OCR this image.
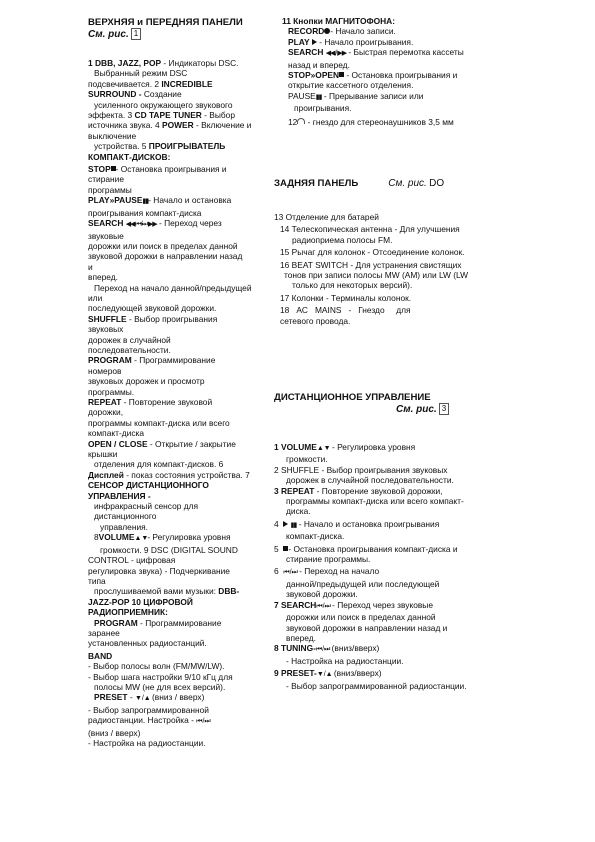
ВЕРХНЯЯ и ПЕРЕДНЯЯ ПАНЕЛИ
См. рис. 1
1 DBB, JAZZ, POP - Индикаторы DSC.
Выбранный режим DSC
подсвечивается. 2 INCREDIBLE
SURROUND - Создание
усиленного окружающего звукового
эффекта. 3 CD TAPE TUNER - Выбор
источника звука. 4 POWER - Включение и
выключение
устройства. 5 ПРОИГРЫВАТЕЛЬ
КОМПАКТ-ДИСКОВ:
STOP - Остановка проигрывания и
стирание
программы
PLAY»PAUSE▮▮- Начало и остановка
проигрывания компакт-диска
SEARCH ◀◀ ⏮/⏭ ▶▶ - Переход через
звуковые
дорожки или поиск в пределах данной
звуковой дорожки в направлении назад
и
вперед.
Переход на начало данной/предыдущей
или
последующей звуковой дорожки.
SHUFFLE - Выбор проигрывания
звуковых
дорожек в случайной
последовательности.
PROGRAM - Программирование
номеров
звуковых дорожек и просмотр
программы.
REPEAT - Повторение звуковой
дорожки,
программы компакт-диска или всего
компакт-диска
OPEN / CLOSE - Открытие / закрытие
крышки
отделения для компакт-дисков. 6
Дисплей - показ состояния устройства. 7
СЕНСОР ДИСТАНЦИОННОГО
УПРАВЛЕНИЯ -
инфракрасный сенсор для
дистанционного
управления.
8VOLUME▲ ▼- Регулировка уровня
громкости. 9 DSC (DIGITAL SOUND
CONTROL - цифровая
регулировка звука) - Подчеркивание
типа
прослушиваемой вами музыки: DBB-
JAZZ-POP 10 ЦИФРОВОЙ
РАДИОПРИЕМНИК:
PROGRAM - Программирование
заранее
установленных радиостанций.
BAND
- Выбор полосы волн (FM/MW/LW).
- Выбор шага настройки 9/10 кГц для
полосы MW (не для всех версий).
PRESET - ▼ / ▲ (вниз / вверх)
- Выбор запрограммированной
радиостанции. Настройка - ⏮ / ⏭
(вниз / вверх)
- Настройка на радиостанции.
11 Кнопки МАГНИТОФОНА:
RECORD - Начало записи.
PLAY - Начало проигрывания.
SEARCH ◀◀ / ▶▶ - Быстрая перемотка кассеты
назад и вперед.
STOP»OPEN - Остановка проигрывания и
открытие кассетного отделения.
PAUSE▮▮ - Прерывание записи или
проигрывания.
12 - гнездо для стереонаушников 3,5 мм
ЗАДНЯЯ ПАНЕЛЬ	См. рис. DO
13 Отделение для батарей
14 Телескопическая антенна - Для улучшения
радиоприема полосы FM.
15 Рычаг для колонок - Отсоединение колонок.
16 BEAT SWITCH - Для устранения свистящих
тонов при записи полосы MW (AM) или LW (LW
только для некоторых версий).
17 Колонки - Терминалы колонок.
18 AC MAINS - Гнездо для
сетевого провода.
ДИСТАНЦИОННОЕ УПРАВЛЕНИЕ
См. рис. 3
1 VOLUME▲ ▼ - Регулировка уровня
громкости.
2 SHUFFLE - Выбор проигрывания звуковых
дорожек в случайной последовательности.
3 REPEAT - Повторение звуковой дорожки,
программы компакт-диска или всего компакт-
диска.
4 ▮▮ - Начало и остановка проигрывания
компакт-диска.
5 - Остановка проигрывания компакт-диска и
стирание программы.
6 ⏮ / ⏭ - Переход на начало
данной/предыдущей или последующей
звуковой дорожки.
7 SEARCH⏮ / ⏭ - Переход через звуковые
дорожки или поиск в пределах данной
звуковой дорожки в направлении назад и
вперед.
8 TUNING-⏮ / ⏭ (вниз/вверх)
- Настройка на радиостанции.
9 PRESET-▼ / ▲ (вниз/вверх)
- Выбор запрограммированной радиостанции.
